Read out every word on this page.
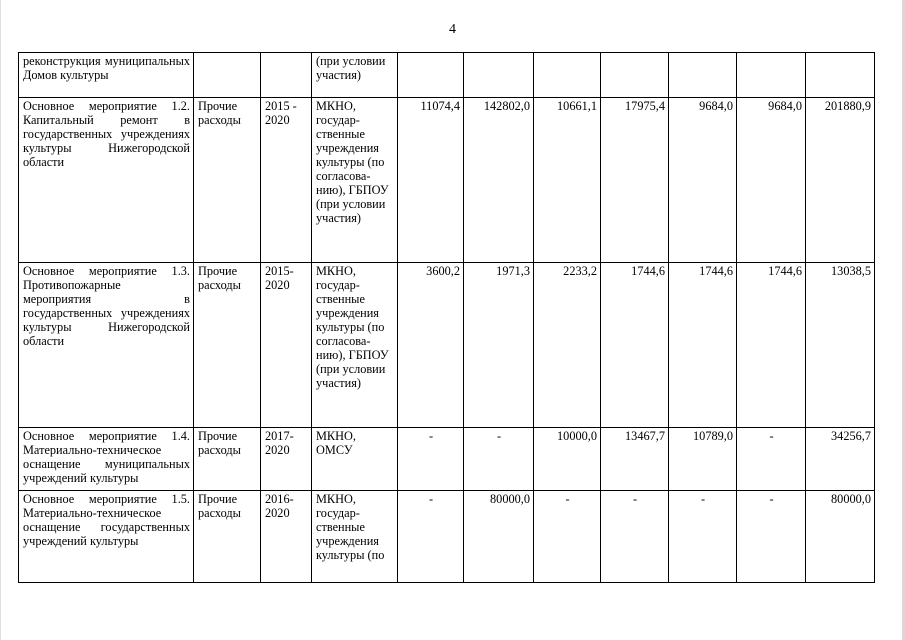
4
реконструкция муниципальных Домов культуры			(при условии участия)							
Основное мероприятие 1.2. Капитальный ремонт в государственных учреждениях культуры Нижегородской области	Прочие расходы	2015 - 2020	МКНО, государ- ственные учреждения культуры (по согласова- нию), ГБПОУ (при условии участия)	11074,4	142802,0	10661,1	17975,4	9684,0	9684,0	201880,9
Основное мероприятие 1.3. Противопожарные мероприятия в государственных учреждениях культуры Нижегородской области	Прочие расходы	2015- 2020	МКНО, государ- ственные учреждения культуры (по согласова- нию), ГБПОУ (при условии участия)	3600,2	1971,3	2233,2	1744,6	1744,6	1744,6	13038,5
Основное мероприятие 1.4. Материально-техническое оснащение муниципальных учреждений культуры	Прочие расходы	2017- 2020	МКНО, ОМСУ	-	-	10000,0	13467,7	10789,0	-	34256,7
Основное мероприятие 1.5. Материально-техническое оснащение государственных учреждений культуры	Прочие расходы	2016- 2020	МКНО, государ- ственные учреждения культуры (по	-	80000,0	-	-	-	-	80000,0
